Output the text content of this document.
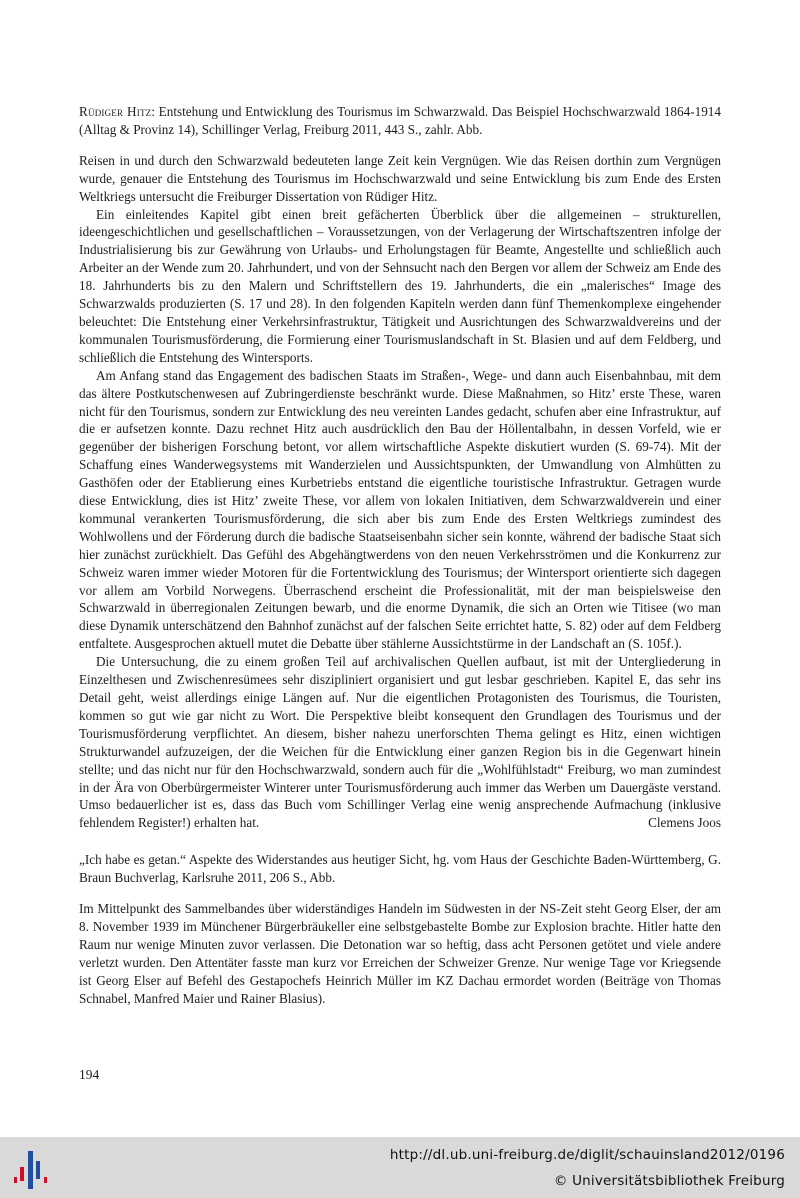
Rüdiger Hitz: Entstehung und Entwicklung des Tourismus im Schwarzwald. Das Beispiel Hochschwarzwald 1864-1914 (Alltag & Provinz 14), Schillinger Verlag, Freiburg 2011, 443 S., zahlr. Abb.

Reisen in und durch den Schwarzwald bedeuteten lange Zeit kein Vergnügen. Wie das Reisen dorthin zum Vergnügen wurde, genauer die Entstehung des Tourismus im Hochschwarzwald und seine Entwicklung bis zum Ende des Ersten Weltkriegs untersucht die Freiburger Dissertation von Rüdiger Hitz.

Ein einleitendes Kapitel gibt einen breit gefächerten Überblick über die allgemeinen – strukturellen, ideengeschichtlichen und gesellschaftlichen – Voraussetzungen, von der Verlagerung der Wirtschaftszentren infolge der Industrialisierung bis zur Gewährung von Urlaubs- und Erholungstagen für Beamte, Angestellte und schließlich auch Arbeiter an der Wende zum 20. Jahrhundert, und von der Sehnsucht nach den Bergen vor allem der Schweiz am Ende des 18. Jahrhunderts bis zu den Malern und Schriftstellern des 19. Jahrhunderts, die ein „malerisches“ Image des Schwarzwalds produzierten (S. 17 und 28). In den folgenden Kapiteln werden dann fünf Themenkomplexe eingehender beleuchtet: Die Entstehung einer Verkehrsinfrastruktur, Tätigkeit und Ausrichtungen des Schwarzwaldvereins und der kommunalen Tourismusförderung, die Formierung einer Tourismuslandschaft in St. Blasien und auf dem Feldberg, und schließlich die Entstehung des Wintersports.

Am Anfang stand das Engagement des badischen Staats im Straßen-, Wege- und dann auch Eisenbahnbau, mit dem das ältere Postkutschenwesen auf Zubringerdienste beschränkt wurde. Diese Maßnahmen, so Hitz’ erste These, waren nicht für den Tourismus, sondern zur Entwicklung des neu vereinten Landes gedacht, schufen aber eine Infrastruktur, auf die er aufsetzen konnte. Dazu rechnet Hitz auch ausdrücklich den Bau der Höllentalbahn, in dessen Vorfeld, wie er gegenüber der bisherigen Forschung betont, vor allem wirtschaftliche Aspekte diskutiert wurden (S. 69-74). Mit der Schaffung eines Wanderwegsystems mit Wanderzielen und Aussichtspunkten, der Umwandlung von Almhütten zu Gasthöfen oder der Etablierung eines Kurbetriebs entstand die eigentliche touristische Infrastruktur. Getragen wurde diese Entwicklung, dies ist Hitz’ zweite These, vor allem von lokalen Initiativen, dem Schwarzwaldverein und einer kommunal verankerten Tourismusförderung, die sich aber bis zum Ende des Ersten Weltkriegs zumindest des Wohlwollens und der Förderung durch die badische Staatseisenbahn sicher sein konnte, während der badische Staat sich hier zunächst zurückhielt. Das Gefühl des Abgehängtwerdens von den neuen Verkehrsströmen und die Konkurrenz zur Schweiz waren immer wieder Motoren für die Fortentwicklung des Tourismus; der Wintersport orientierte sich dagegen vor allem am Vorbild Norwegens. Überraschend erscheint die Professionalität, mit der man beispielsweise den Schwarzwald in überregionalen Zeitungen bewarb, und die enorme Dynamik, die sich an Orten wie Titisee (wo man diese Dynamik unterschätzend den Bahnhof zunächst auf der falschen Seite errichtet hatte, S. 82) oder auf dem Feldberg entfaltete. Ausgesprochen aktuell mutet die Debatte über stählerne Aussichtstürme in der Landschaft an (S. 105f.).

Die Untersuchung, die zu einem großen Teil auf archivalischen Quellen aufbaut, ist mit der Untergliederung in Einzelthesen und Zwischenresümees sehr diszipliniert organisiert und gut lesbar geschrieben. Kapitel E, das sehr ins Detail geht, weist allerdings einige Längen auf. Nur die eigentlichen Protagonisten des Tourismus, die Touristen, kommen so gut wie gar nicht zu Wort. Die Perspektive bleibt konsequent den Grundlagen des Tourismus und der Tourismusförderung verpflichtet. An diesem, bisher nahezu unerforschten Thema gelingt es Hitz, einen wichtigen Strukturwandel aufzuzeigen, der die Weichen für die Entwicklung einer ganzen Region bis in die Gegenwart hinein stellte; und das nicht nur für den Hochschwarzwald, sondern auch für die „Wohlfühlstadt“ Freiburg, wo man zumindest in der Ära von Oberbürgermeister Winterer unter Tourismusförderung auch immer das Werben um Dauergäste verstand. Umso bedauerlicher ist es, dass das Buch vom Schillinger Verlag eine wenig ansprechende Aufmachung (inklusive fehlendem Register!) erhalten hat.	Clemens Joos

„Ich habe es getan.“ Aspekte des Widerstandes aus heutiger Sicht, hg. vom Haus der Geschichte Baden-Württemberg, G. Braun Buchverlag, Karlsruhe 2011, 206 S., Abb.

Im Mittelpunkt des Sammelbandes über widerständiges Handeln im Südwesten in der NS-Zeit steht Georg Elser, der am 8. November 1939 im Münchener Bürgerbräukeller eine selbstgebastelte Bombe zur Explosion brachte. Hitler hatte den Raum nur wenige Minuten zuvor verlassen. Die Detonation war so heftig, dass acht Personen getötet und viele andere verletzt wurden. Den Attentäter fasste man kurz vor Erreichen der Schweizer Grenze. Nur wenige Tage vor Kriegsende ist Georg Elser auf Befehl des Gestapochefs Heinrich Müller im KZ Dachau ermordet worden (Beiträge von Thomas Schnabel, Manfred Maier und Rainer Blasius).

194
http://dl.ub.uni-freiburg.de/diglit/schauinsland2012/0196
© Universitätsbibliothek Freiburg
